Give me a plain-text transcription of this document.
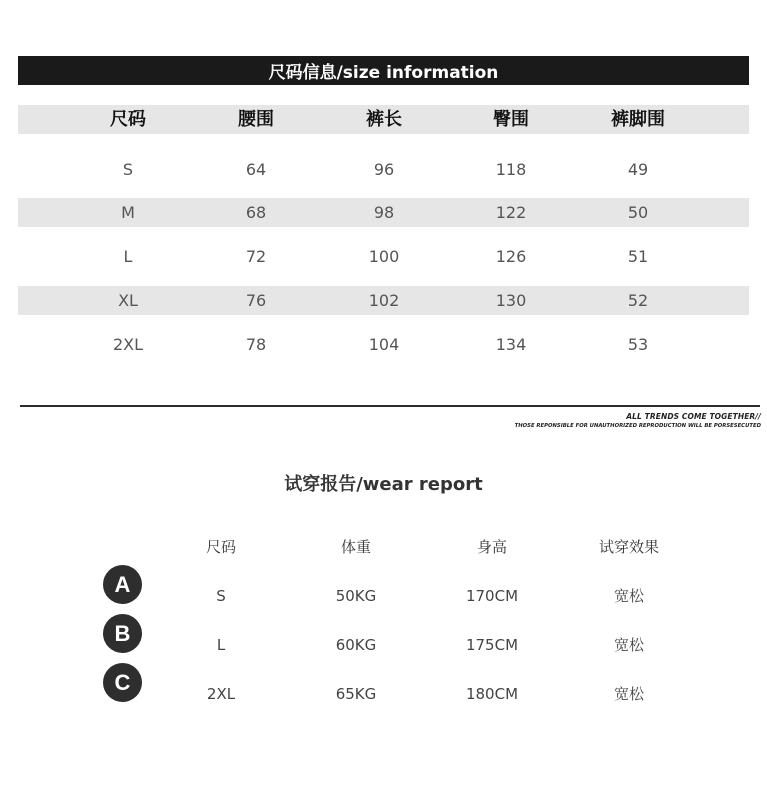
尺码信息/size information
尺码	腰围	裤长	臀围	裤脚围
S	64	96	118	49
M	68	98	122	50
L	72	100	126	51
XL	76	102	130	52
2XL	78	104	134	53
ALL TRENDS COME TOGETHER//
THOSE REPONSIBLE FOR UNAUTHORIZED REPRODUCTION WILL BE PORSESECUTED
试穿报告/wear report
尺码	体重	身高	试穿效果
A	S	50KG	170CM	宽松
B	L	60KG	175CM	宽松
C	2XL	65KG	180CM	宽松
